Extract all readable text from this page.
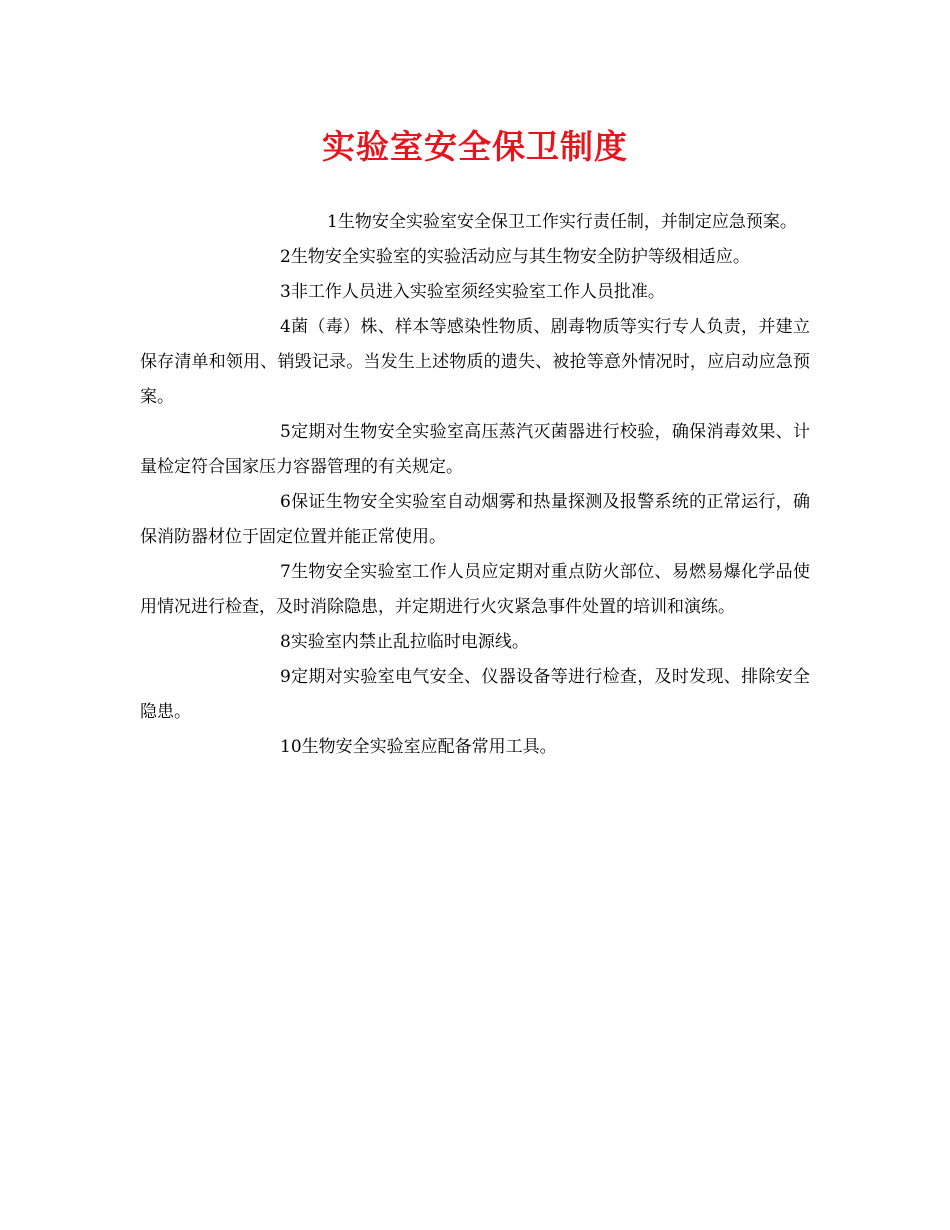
实验室安全保卫制度

1生物安全实验室安全保卫工作实行责任制，并制定应急预案。

2生物安全实验室的实验活动应与其生物安全防护等级相适应。

3非工作人员进入实验室须经实验室工作人员批准。

4菌（毒）株、样本等感染性物质、剧毒物质等实行专人负责，并建立保存清单和领用、销毁记录。当发生上述物质的遗失、被抢等意外情况时，应启动应急预案。

5定期对生物安全实验室高压蒸汽灭菌器进行校验，确保消毒效果、计量检定符合国家压力容器管理的有关规定。

6保证生物安全实验室自动烟雾和热量探测及报警系统的正常运行，确保消防器材位于固定位置并能正常使用。

7生物安全实验室工作人员应定期对重点防火部位、易燃易爆化学品使用情况进行检查，及时消除隐患，并定期进行火灾紧急事件处置的培训和演练。

8实验室内禁止乱拉临时电源线。

9定期对实验室电气安全、仪器设备等进行检查，及时发现、排除安全隐患。

10生物安全实验室应配备常用工具。
